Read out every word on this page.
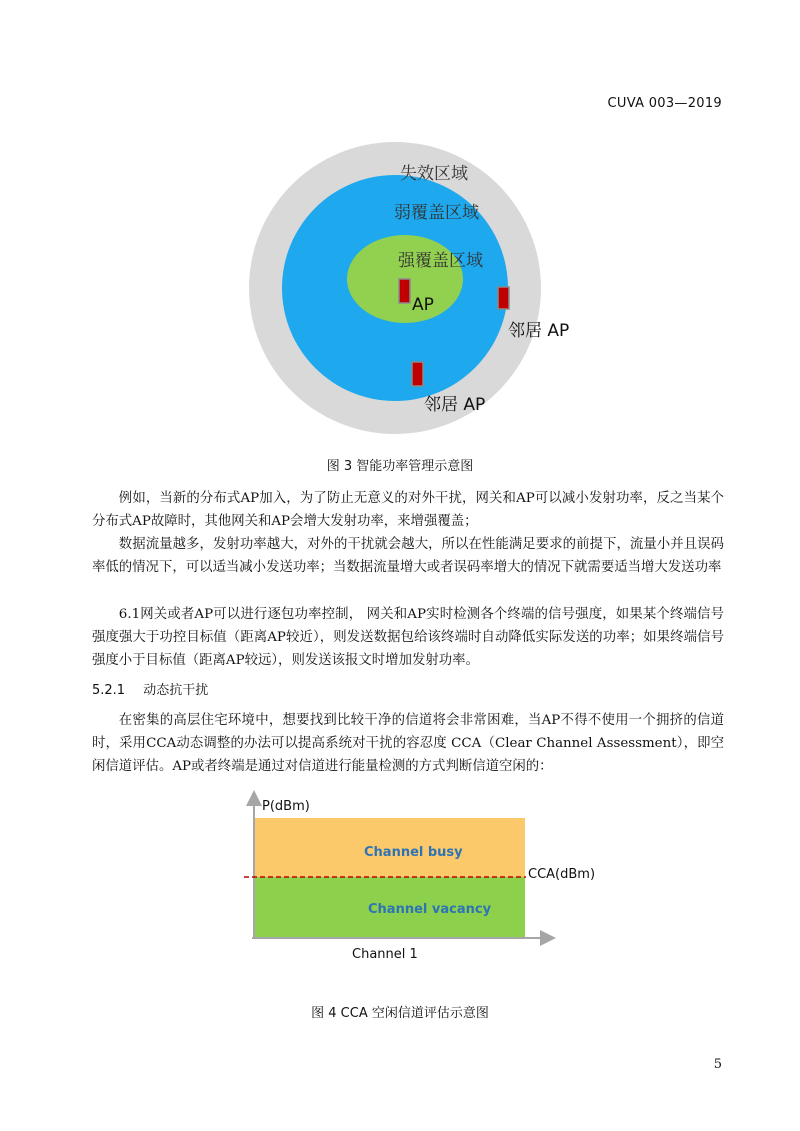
CUVA 003—2019
失效区域
弱覆盖区域
强覆盖区域
AP
邻居 AP
邻居 AP
图 3 智能功率管理示意图

例如，当新的分布式AP加入，为了防止无意义的对外干扰，网关和AP可以减小发射功率，反之当某个分布式AP故障时，其他网关和AP会增大发射功率，来增强覆盖；

数据流量越多，发射功率越大，对外的干扰就会越大，所以在性能满足要求的前提下，流量小并且误码率低的情况下，可以适当减小发送功率；当数据流量增大或者误码率增大的情况下就需要适当增大发送功率

6.1网关或者AP可以进行逐包功率控制， 网关和AP实时检测各个终端的信号强度，如果某个终端信号强度强大于功控目标值（距离AP较近），则发送数据包给该终端时自动降低实际发送的功率；如果终端信号强度小于目标值（距离AP较远），则发送该报文时增加发射功率。

5.2.1 动态抗干扰

在密集的高层住宅环境中，想要找到比较干净的信道将会非常困难，当AP不得不使用一个拥挤的信道时，采用CCA动态调整的办法可以提高系统对干扰的容忍度 CCA（Clear Channel Assessment），即空闲信道评估。AP或者终端是通过对信道进行能量检测的方式判断信道空闲的：

P(dBm)
Channel busy
Channel vacancy
CCA(dBm)
Channel 1
图 4 CCA 空闲信道评估示意图
5
